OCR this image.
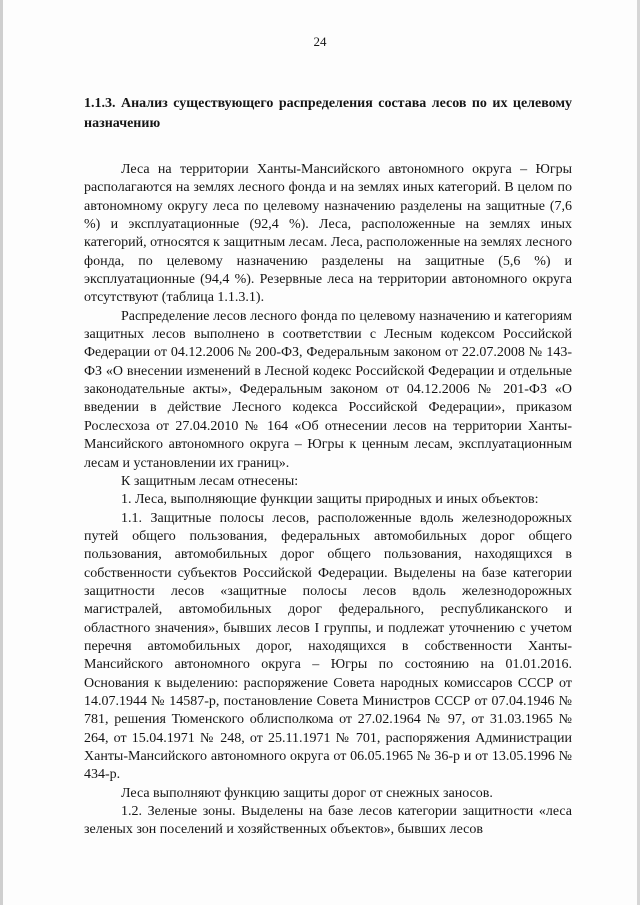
24

1.1.3. Анализ существующего распределения состава лесов по их целевому назначению

Леса на территории Ханты-Мансийского автономного округа – Югры располагаются на землях лесного фонда и на землях иных категорий. В целом по автономному округу леса по целевому назначению разделены на защитные (7,6 %) и эксплуатационные (92,4 %). Леса, расположенные на землях иных категорий, относятся к защитным лесам. Леса, расположенные на землях лесного фонда, по целевому назначению разделены на защитные (5,6 %) и эксплуатационные (94,4 %). Резервные леса на территории автономного округа отсутствуют (таблица 1.1.3.1).

Распределение лесов лесного фонда по целевому назначению и категориям защитных лесов выполнено в соответствии с Лесным кодексом Российской Федерации от 04.12.2006 № 200-ФЗ, Федеральным законом от 22.07.2008 № 143-ФЗ «О внесении изменений в Лесной кодекс Российской Федерации и отдельные законодательные акты», Федеральным законом от 04.12.2006 № 201-ФЗ «О введении в действие Лесного кодекса Российской Федерации», приказом Рослесхоза от 27.04.2010 № 164 «Об отнесении лесов на территории Ханты-Мансийского автономного округа – Югры к ценным лесам, эксплуатационным лесам и установлении их границ».

К защитным лесам отнесены:

1. Леса, выполняющие функции защиты природных и иных объектов:

1.1. Защитные полосы лесов, расположенные вдоль железнодорожных путей общего пользования, федеральных автомобильных дорог общего пользования, автомобильных дорог общего пользования, находящихся в собственности субъектов Российской Федерации. Выделены на базе категории защитности лесов «защитные полосы лесов вдоль железнодорожных магистралей, автомобильных дорог федерального, республиканского и областного значения», бывших лесов I группы, и подлежат уточнению с учетом перечня автомобильных дорог, находящихся в собственности Ханты-Мансийского автономного округа – Югры по состоянию на 01.01.2016. Основания к выделению: распоряжение Совета народных комиссаров СССР от 14.07.1944 № 14587-р, постановление Совета Министров СССР от 07.04.1946 № 781, решения Тюменского облисполкома от 27.02.1964 № 97, от 31.03.1965 № 264, от 15.04.1971 № 248, от 25.11.1971 № 701, распоряжения Администрации Ханты-Мансийского автономного округа от 06.05.1965 № 36-р и от 13.05.1996 № 434-р.

Леса выполняют функцию защиты дорог от снежных заносов.

1.2. Зеленые зоны. Выделены на базе лесов категории защитности «леса зеленых зон поселений и хозяйственных объектов», бывших лесов
